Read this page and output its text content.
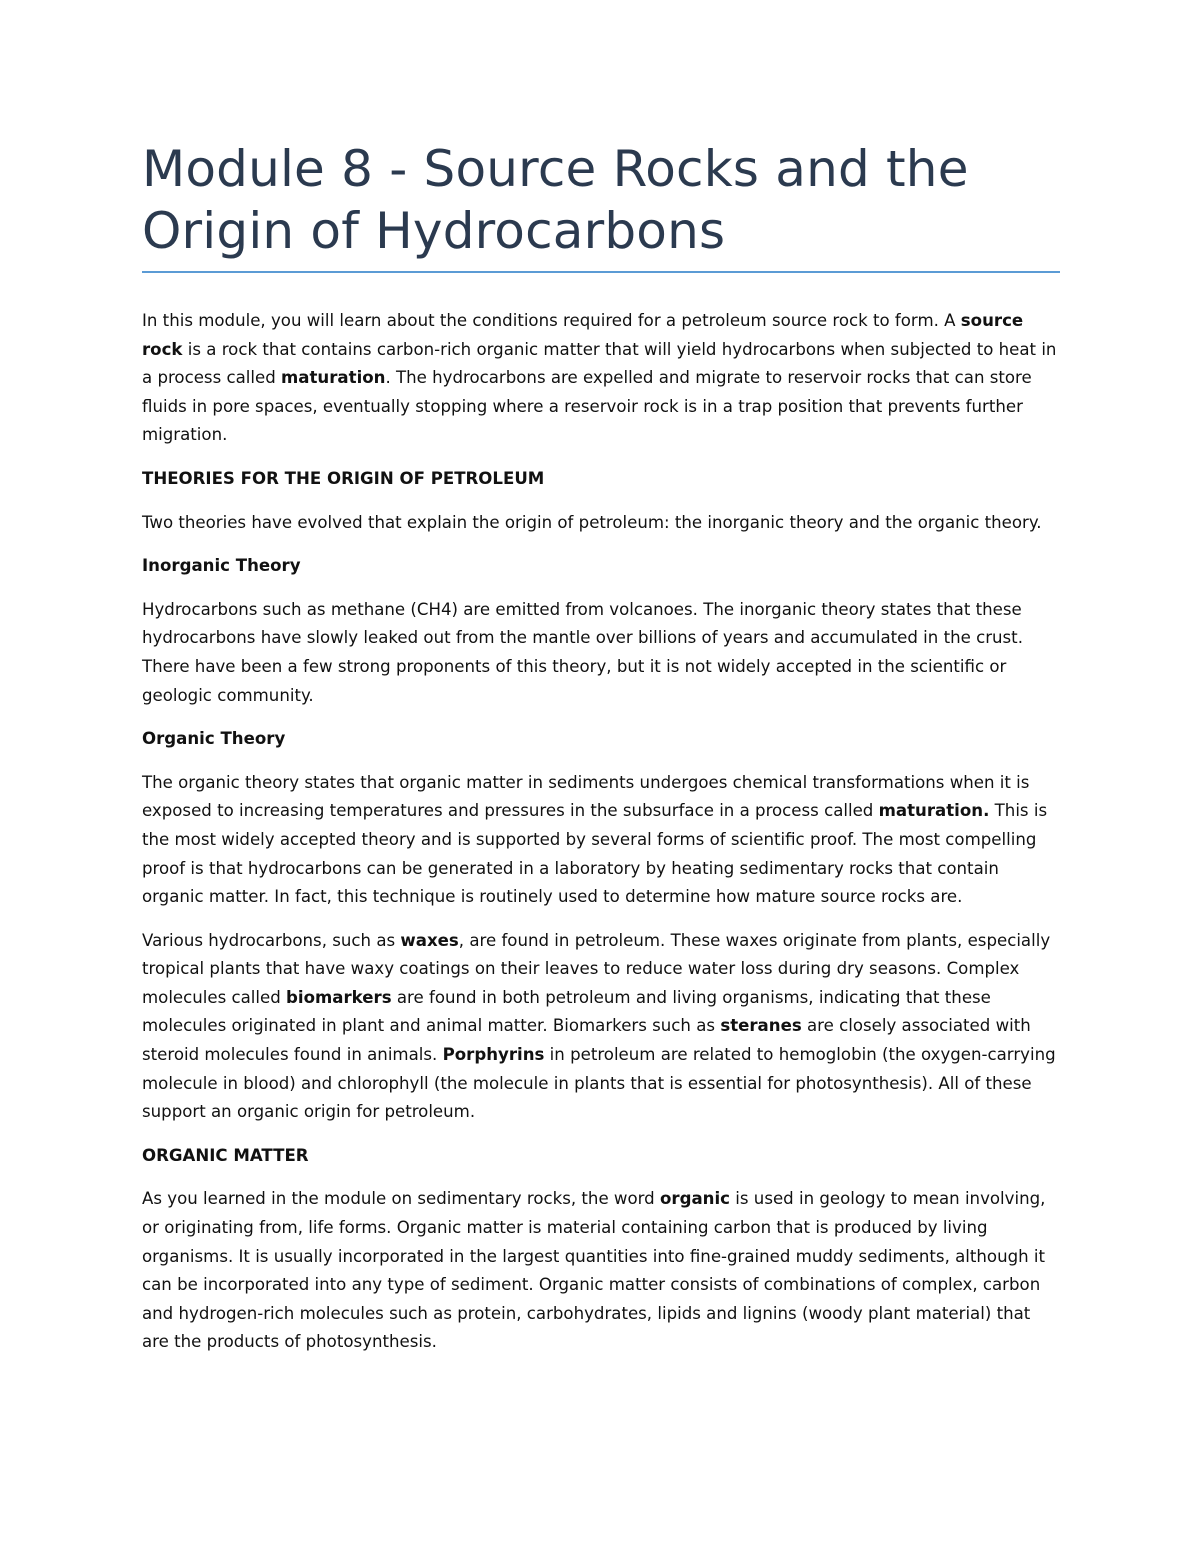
Module 8 - Source Rocks and the Origin of Hydrocarbons

In this module, you will learn about the conditions required for a petroleum source rock to form. A source rock is a rock that contains carbon-rich organic matter that will yield hydrocarbons when subjected to heat in a process called maturation. The hydrocarbons are expelled and migrate to reservoir rocks that can store fluids in pore spaces, eventually stopping where a reservoir rock is in a trap position that prevents further migration.

THEORIES FOR THE ORIGIN OF PETROLEUM

Two theories have evolved that explain the origin of petroleum: the inorganic theory and the organic theory.

Inorganic Theory

Hydrocarbons such as methane (CH4) are emitted from volcanoes. The inorganic theory states that these hydrocarbons have slowly leaked out from the mantle over billions of years and accumulated in the crust. There have been a few strong proponents of this theory, but it is not widely accepted in the scientific or geologic community.

Organic Theory

The organic theory states that organic matter in sediments undergoes chemical transformations when it is exposed to increasing temperatures and pressures in the subsurface in a process called maturation. This is the most widely accepted theory and is supported by several forms of scientific proof. The most compelling proof is that hydrocarbons can be generated in a laboratory by heating sedimentary rocks that contain organic matter. In fact, this technique is routinely used to determine how mature source rocks are.

Various hydrocarbons, such as waxes, are found in petroleum. These waxes originate from plants, especially tropical plants that have waxy coatings on their leaves to reduce water loss during dry seasons. Complex molecules called biomarkers are found in both petroleum and living organisms, indicating that these molecules originated in plant and animal matter. Biomarkers such as steranes are closely associated with steroid molecules found in animals. Porphyrins in petroleum are related to hemoglobin (the oxygen-carrying molecule in blood) and chlorophyll (the molecule in plants that is essential for photosynthesis). All of these support an organic origin for petroleum.

ORGANIC MATTER

As you learned in the module on sedimentary rocks, the word organic is used in geology to mean involving, or originating from, life forms. Organic matter is material containing carbon that is produced by living organisms. It is usually incorporated in the largest quantities into fine-grained muddy sediments, although it can be incorporated into any type of sediment. Organic matter consists of combinations of complex, carbon and hydrogen-rich molecules such as protein, carbohydrates, lipids and lignins (woody plant material) that are the products of photosynthesis.
